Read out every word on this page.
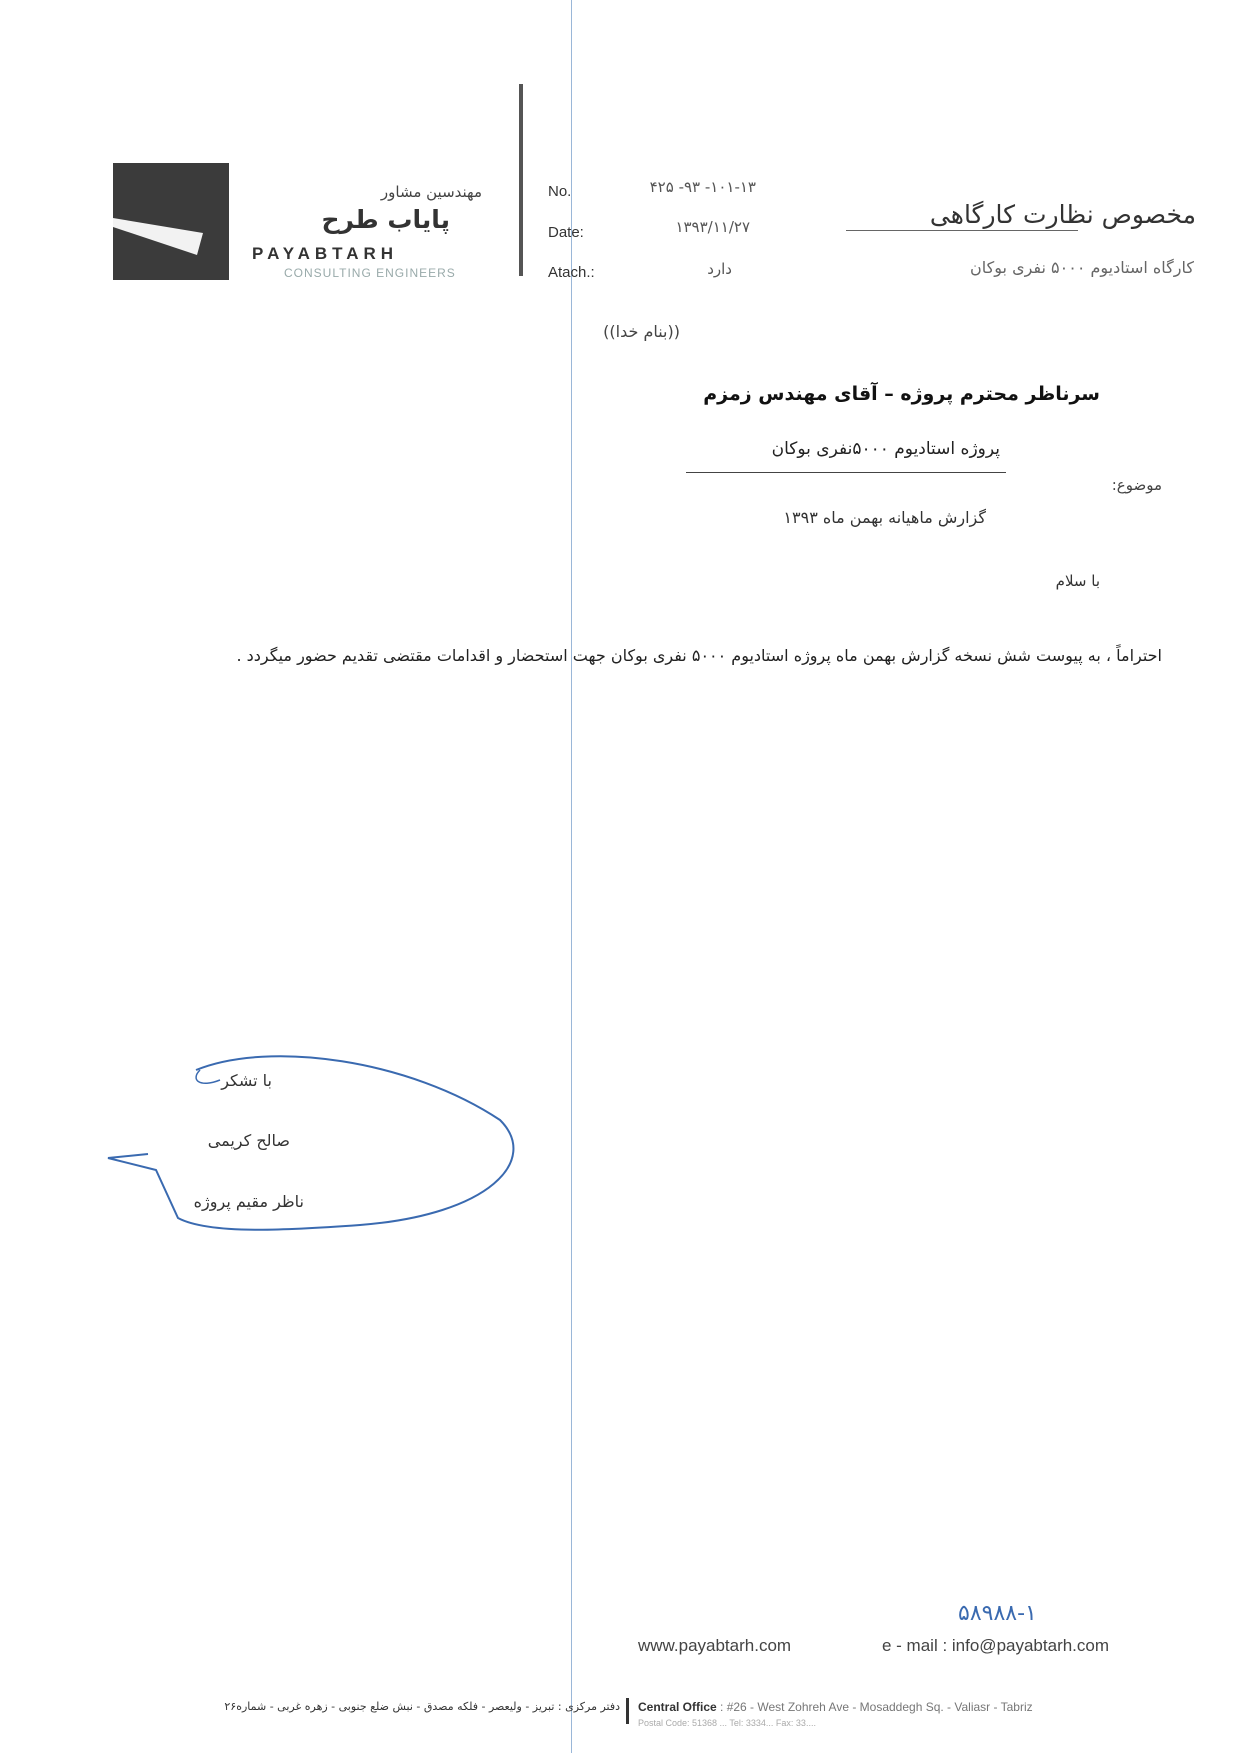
مهندسین مشاور
پایاب طرح
PAYABTARH
CONSULTING ENGINEERS
No.	۱۰۱-۱۳- ۹۳- ۴۲۵
Date:	۱۳۹۳/۱۱/۲۷
Atach.:	دارد
مخصوص نظارت کارگاهی
کارگاه استادیوم ۵۰۰۰ نفری بوکان
((بنام خدا))
سرناظر محترم پروژه – آقای مهندس زمزم
پروژه استادیوم ۵۰۰۰نفری بوکان
موضوع:
گزارش ماهیانه بهمن ماه ۱۳۹۳
با سلام
احتراماً ، به پیوست شش نسخه گزارش بهمن ماه پروژه استادیوم ۵۰۰۰ نفری بوکان جهت استحضار و اقدامات مقتضی تقدیم حضور میگردد .
با تشکر
صالح کریمی
ناظر مقیم پروژه
۵۸۹۸۸-۱
www.payabtarh.com	e - mail : info@payabtarh.com
دفتر مرکزی : تبریز - ولیعصر - فلکه مصدق - نبش ضلع جنوبی - زهره غربی - شماره۲۶ Central Office : #26 - West Zohreh Ave - Mosaddegh Sq. - Valiasr - Tabriz
Postal Code: 51368 ... Tel: 3334... Fax: 33....
